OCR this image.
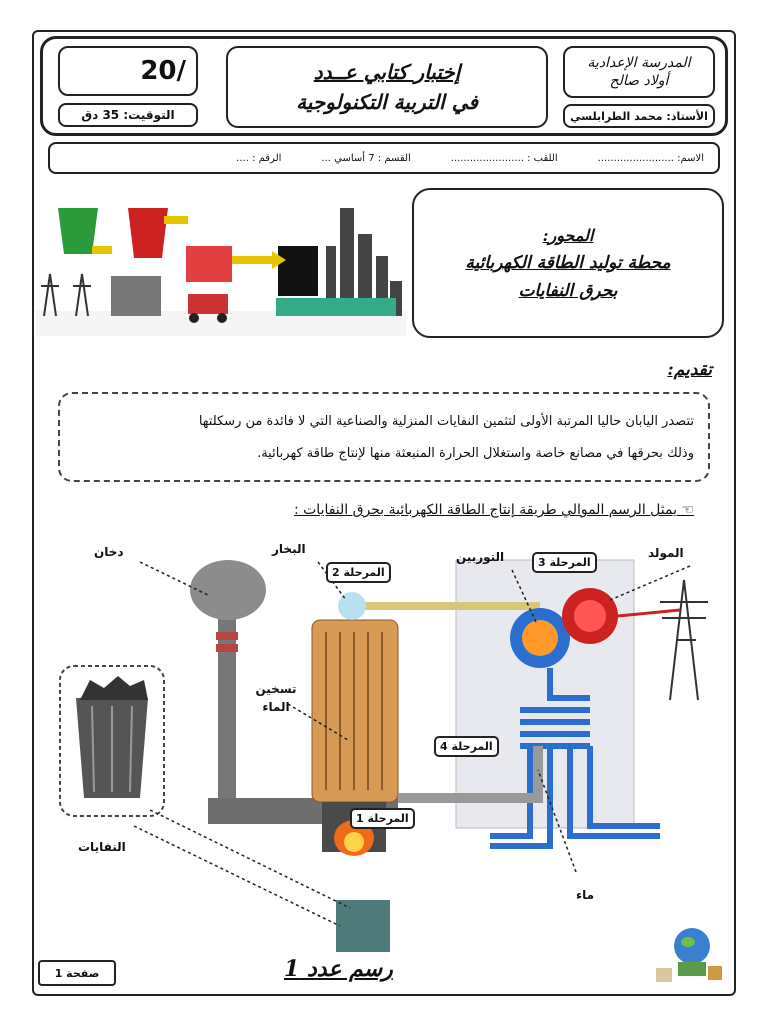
المدرسة الإعدادية
أولاد صالح
الأستاذ: محمد الطرابلسي
إختبار كتابي عــدد
في التربية التكنولوجية
20/
التوقيت: 35 دق
الاسم: ........................
اللقب : .......................
القسم : 7 أساسي ...
الرقم : ....
المحور:
محطة توليد الطاقة الكهربائية
بحرق النفايات
تقديم:
تتصدر اليابان حاليا المرتبة الأولى لتثمين النفايات المنزلية والصناعية التي لا فائدة من رسكلتها
وذلك بحرقها في مصانع خاصة واستغلال الحرارة المنبعثة منها لإنتاج طاقة كهربائية.
☜ يمثل الرسم الموالي طريقة إنتاج الطاقة الكهربائية بحرق النفايات :
دخان	البخار
التوربين	المولد
تسخين الماء
النفايات
ماء
المرحلة 2
المرحلة 3
المرحلة 4
المرحلة 1
رسم عدد 1
صفحة 1
